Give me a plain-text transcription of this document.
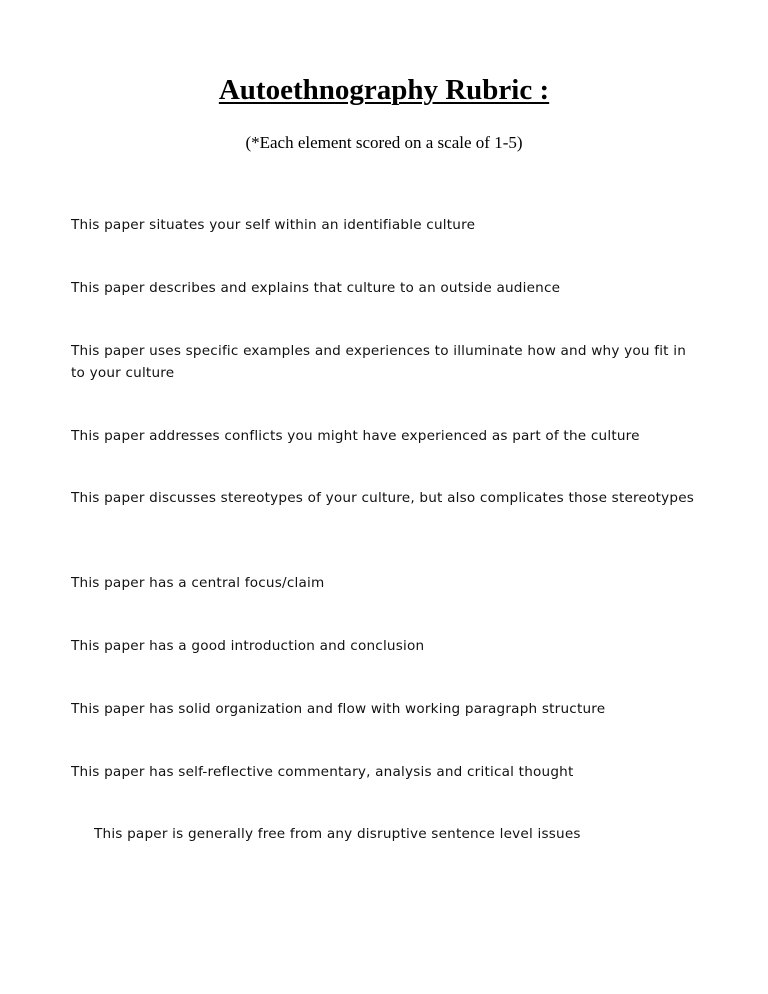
Autoethnography Rubric :

(*Each element scored on a scale of 1-5)

This paper situates your self within an identifiable culture
This paper describes and explains that culture to an outside audience
This paper uses specific examples and experiences to illuminate how and why you fit in to your culture
This paper addresses conflicts you might have experienced as part of the culture
This paper discusses stereotypes of your culture, but also complicates those stereotypes
This paper has a central focus/claim
This paper has a good introduction and conclusion
This paper has solid organization and flow with working paragraph structure
This paper has self-reflective commentary, analysis and critical thought
This paper is generally free from any disruptive sentence level issues
